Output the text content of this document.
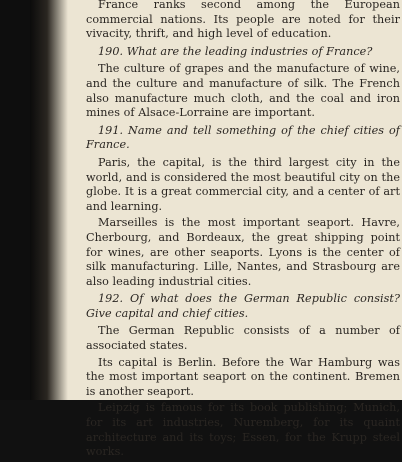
France ranks second among the European commercial nations. Its people are noted for their vivacity, thrift, and high level of education.

190. What are the leading industries of France?

The culture of grapes and the manufacture of wine, and the culture and manufacture of silk. The French also manufacture much cloth, and the coal and iron mines of Alsace-Lorraine are important.

191. Name and tell something of the chief cities of France.

Paris, the capital, is the third largest city in the world, and is considered the most beautiful city on the globe. It is a great commercial city, and a center of art and learning.

Marseilles is the most important seaport. Havre, Cherbourg, and Bordeaux, the great shipping point for wines, are other seaports. Lyons is the center of silk manufacturing. Lille, Nantes, and Strasbourg are also leading industrial cities.

192. Of what does the German Republic consist? Give capital and chief cities.

The German Republic consists of a number of associated states.

Its capital is Berlin. Before the War Hamburg was the most important seaport on the continent. Bremen is another seaport.

Leipzig is famous for its book publishing; Munich, for its art industries, Nuremberg, for its quaint architecture and its toys; Essen, for the Krupp steel works.
